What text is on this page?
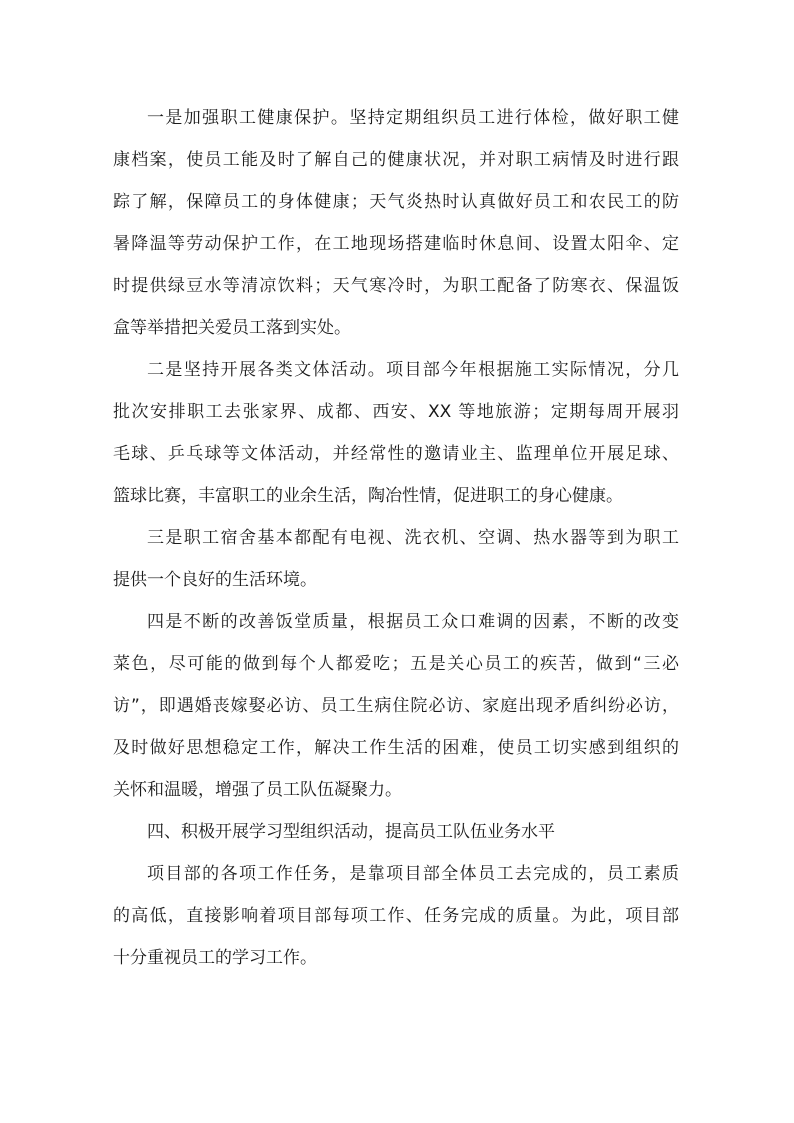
一是加强职工健康保护。坚持定期组织员工进行体检，做好职工健

康档案，使员工能及时了解自己的健康状况，并对职工病情及时进行跟

踪了解，保障员工的身体健康；天气炎热时认真做好员工和农民工的防

暑降温等劳动保护工作，在工地现场搭建临时休息间、设置太阳伞、定

时提供绿豆水等清凉饮料；天气寒冷时，为职工配备了防寒衣、保温饭

盒等举措把关爱员工落到实处。

二是坚持开展各类文体活动。项目部今年根据施工实际情况，分几

批次安排职工去张家界、成都、西安、XX 等地旅游；定期每周开展羽

毛球、乒乓球等文体活动，并经常性的邀请业主、监理单位开展足球、

篮球比赛，丰富职工的业余生活，陶冶性情，促进职工的身心健康。

三是职工宿舍基本都配有电视、洗衣机、空调、热水器等到为职工

提供一个良好的生活环境。

四是不断的改善饭堂质量，根据员工众口难调的因素，不断的改变

菜色，尽可能的做到每个人都爱吃；五是关心员工的疾苦，做到“三必

访”，即遇婚丧嫁娶必访、员工生病住院必访、家庭出现矛盾纠纷必访，

及时做好思想稳定工作，解决工作生活的困难，使员工切实感到组织的

关怀和温暖，增强了员工队伍凝聚力。

四、积极开展学习型组织活动，提高员工队伍业务水平

项目部的各项工作任务，是靠项目部全体员工去完成的，员工素质

的高低，直接影响着项目部每项工作、任务完成的质量。为此，项目部

十分重视员工的学习工作。
